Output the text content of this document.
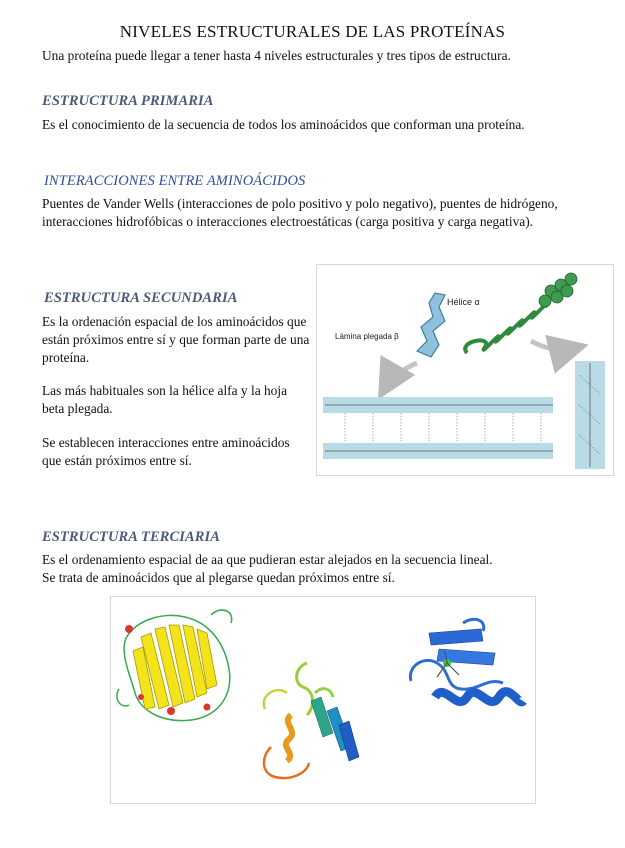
NIVELES ESTRUCTURALES DE LAS PROTEÍNAS
Una proteína puede llegar a tener hasta 4 niveles estructurales y tres tipos de estructura.
ESTRUCTURA PRIMARIA
Es el conocimiento de la secuencia de todos los aminoácidos que conforman una proteína.
INTERACCIONES ENTRE AMINOÁCIDOS
Puentes de Vander Wells (interacciones de polo positivo y polo negativo), puentes de hidrógeno, interacciones hidrofóbicas o interacciones electroestáticas (carga positiva y carga negativa).
ESTRUCTURA SECUNDARIA
Es la ordenación espacial de los aminoácidos que están próximos entre sí y que forman parte de una proteína.
Las más habituales son la hélice alfa y la hoja beta plegada.
Se establecen interacciones entre aminoácidos que están próximos entre sí.
Hélice α
Lámina plegada β
ESTRUCTURA TERCIARIA
Es el ordenamiento espacial de aa que pudieran estar alejados en la secuencia lineal.
Se trata de aminoácidos que al plegarse quedan próximos entre sí.
